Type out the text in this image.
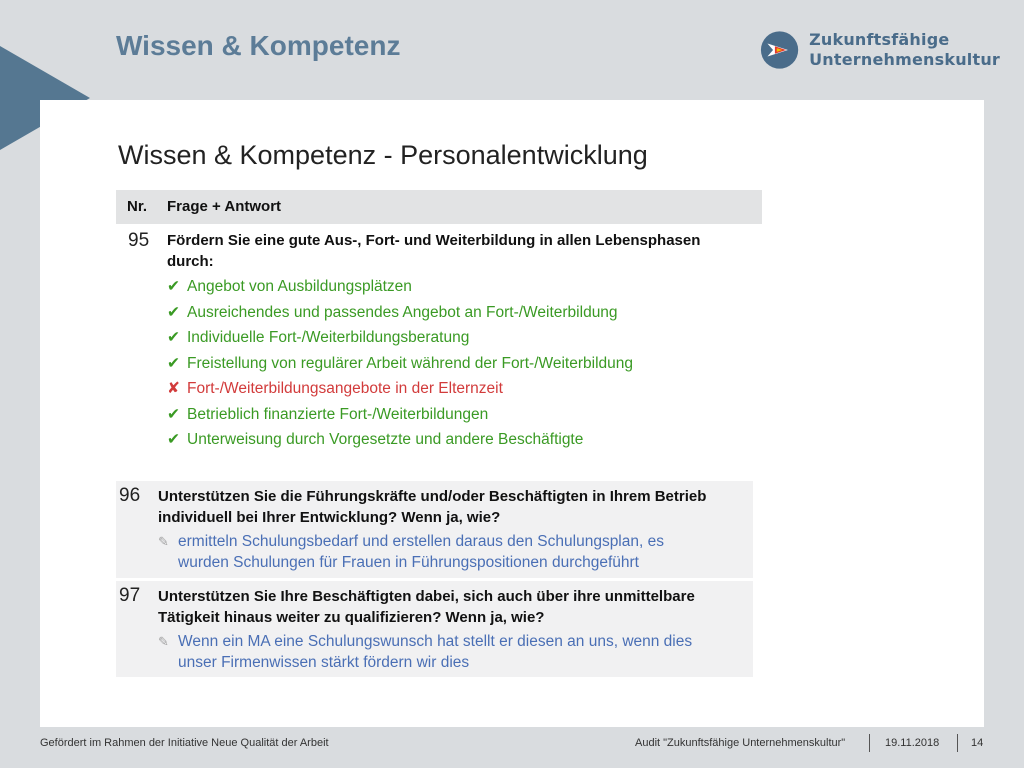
Wissen & Kompetenz	Zukunftsfähige
Unternehmenskultur
Wissen & Kompetenz - Personalentwicklung
Nr. Frage + Antwort
95 Fördern Sie eine gute Aus-, Fort- und Weiterbildung in allen Lebensphasen
durch:
✔ Angebot von Ausbildungsplätzen
✔ Ausreichendes und passendes Angebot an Fort-/Weiterbildung
✔ Individuelle Fort-/Weiterbildungsberatung
✔ Freistellung von regulärer Arbeit während der Fort-/Weiterbildung
✘ Fort-/Weiterbildungsangebote in der Elternzeit
✔ Betrieblich finanzierte Fort-/Weiterbildungen
✔ Unterweisung durch Vorgesetzte und andere Beschäftigte
96 Unterstützen Sie die Führungskräfte und/oder Beschäftigten in Ihrem Betrieb
individuell bei Ihrer Entwicklung? Wenn ja, wie?
✎ ermitteln Schulungsbedarf und erstellen daraus den Schulungsplan, es
wurden Schulungen für Frauen in Führungspositionen durchgeführt
97 Unterstützen Sie Ihre Beschäftigten dabei, sich auch über ihre unmittelbare
Tätigkeit hinaus weiter zu qualifizieren? Wenn ja, wie?
✎ Wenn ein MA eine Schulungswunsch hat stellt er diesen an uns, wenn dies
unser Firmenwissen stärkt fördern wir dies
Gefördert im Rahmen der Initiative Neue Qualität der Arbeit	Audit "Zukunftsfähige Unternehmenskultur"	19.11.2018	14
